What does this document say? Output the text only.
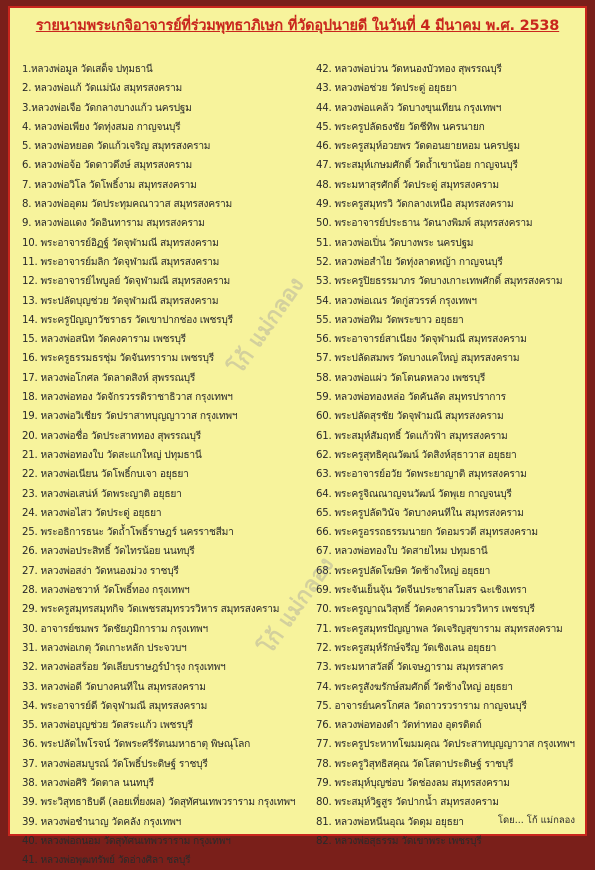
รายนามพระเกจิอาจารย์ที่ร่วมพุทธาภิเษก ที่วัดอุปนายดี ในวันที่ 4 มีนาคม พ.ศ. 2538
1.หลวงพ่อมูล วัดเสด็จ ปทุมธานี
2. หลวงพ่อแก้ วัดแม่นัง สมุทรสงคราม
3.หลวงพ่อเจือ วัดกลางบางแก้ว นครปฐม
4. หลวงพ่อเพียง วัดทุ่งสมอ กาญจนบุรี
5. หลวงพ่อหยอด วัดแก้วเจริญ สมุทรสงคราม
6. หลวงพ่อจ้อ วัดดาวดึงษ์ สมุทรสงคราม
7. หลวงพ่อวิโล วัดโพธิ์งาม สมุทรสงคราม
8. หลวงพ่ออุตม วัดประทุมคณาวาส สมุทรสงคราม
9. หลวงพ่อแดง วัดอินทาราม สมุทรสงคราม
10. พระอาจารย์อิฏฐ์ วัดจุฬามณี สมุทรสงคราม
11. พระอาจารย์มลิก วัดจุฬามณี สมุทรสงคราม
12. พระอาจารย์ไพบูลย์ วัดจุฬามณี สมุทรสงคราม
13. พระปลัดบุญช่วย วัดจุฬามณี สมุทรสงคราม
14. พระครูปัญญาวัชราธร วัดเขาปากช่อง เพชรบุรี
15. หลวงพ่อสนิท วัดคงคาราม เพชรบุรี
16. พระครูธรรมธรชุ่ม วัดจันทราราม เพชรบุรี
17. หลวงพ่อโกศล วัดลาดสิงห์ สุพรรณบุรี
18. หลวงพ่อทอง วัดจักรวรรดิราชาธิวาส กรุงเทพฯ
19. หลวงพ่อวิเชียร วัดปราสาทบุญญาวาส กรุงเทพฯ
20. หลวงพ่อชื่อ วัดประสาททอง สุพรรณบุรี
21. หลวงพ่อทองใบ วัดสะแกใหญ่ ปทุมธานี
22. หลวงพ่อเนียน วัดโพธิ์กบเจา อยุธยา
23. หลวงพ่อเสน่ห์ วัดพระญาติ อยุธยา
24. หลวงพ่อไสว วัดประดู่ อยุธยา
25. พระอธิการธนะ วัดถ้ำโพธิ์ราษฎร์ นครราชสีมา
26. หลวงพ่อประสิทธิ์ วัดไทรน้อย นนทบุรี
27. หลวงพ่อสง่า วัดหนองม่วง ราชบุรี
28. หลวงพ่อชวาห์ วัดโพธิ์ทอง กรุงเทพฯ
29. พระครูสมุทรสมุทกิจ วัดเพชรสมุทรวรวิหาร สมุทรสงคราม
30. อาจารย์ชมพร วัดชัยภูมิการาม กรุงเทพฯ
31. หลวงพ่อเกตุ วัดเกาะหลัก ประจวบฯ
32. หลวงพ่อสร้อย วัดเลียบราษฎร์บำรุง กรุงเทพฯ
33. หลวงพ่อดี วัดบางคนทีใน สมุทรสงคราม
34. พระอาจารย์ดี วัดจุฬามณี สมุทรสงคราม
35. หลวงพ่อบุญช่วย วัดสระแก้ว เพชรบุรี
36. พระปลัดไพโรจน์ วัดพระศรีรัตนมหาธาตุ พิษณุโลก
37. หลวงพ่อสมบูรณ์ วัดโพธิ์ประดิษฐ์ ราชบุรี
38. หลวงพ่อศิริ วัดตาล นนทบุรี
39. พระวิสุทธาธิบดี (ลอยเที่ยงผล) วัดสุทัศนเทพวราราม กรุงเทพฯ
39. หลวงพ่อชำนาญ วัดคลัง กรุงเทพฯ
40. หลวงพ่อถนอม วัดสุทัศนเทพวราราม กรุงเทพฯ
41. หลวงพ่อพุฒทรัพย์ วัดอ่างศิลา ชลบุรี
42. หลวงพ่อบ่วน วัดหนองบัวทอง สุพรรณบุรี
43. หลวงพ่อช่วย วัดประดู่ อยุธยา
44. หลวงพ่อแคล้ว วัดบางขุนเทียน กรุงเทพฯ
45. พระครูปลัดธงชัย วัดชีทิพ นครนายก
46. พระครูสมุห์อวยพร วัดดอนยายหอม นครปฐม
47. พระสมุห์เกษมศักดิ์ วัดถ้ำเขาน้อย กาญจนบุรี
48. พระมหาสุรศักดิ์ วัดประดู่ สมุทรสงคราม
49. พระครูสมุทรวิ วัดกลางเหนือ สมุทรสงคราม
50. พระอาจารย์ประธาน วัดนางพิมพ์ สมุทรสงคราม
51. หลวงพ่อเปิ่น วัดบางพระ นครปฐม
52. หลวงพ่อสำไย วัดทุ่งลาดหญ้า กาญจนบุรี
53. พระครูปิยธรรมาภร วัดบางเกาะเทพศักดิ์ สมุทรสงคราม
54. หลวงพ่อเณร วัดกู่สวรรค์ กรุงเทพฯ
55. หลวงพ่อทิม วัดพระขาว อยุธยา
56. พระอาจารย์สาเนียง วัดจุฬามณี สมุทรสงคราม
57. พระปลัดสมพร วัดบางแคใหญ่ สมุทรสงคราม
58. หลวงพ่อแผ่ว วัดโตนดหลวง เพชรบุรี
59. หลวงพ่อทองหล่อ วัดคันลัด สมุทรปราการ
60. พระปลัดสุรชัย วัดจุฬามณี สมุทรสงคราม
61. พระสมุห์สัมฤทธิ์ วัดแก้วฟ้า สมุทรสงคราม
62. พระครูสุทธิคุณวัฒน์ วัดสิงห์สุธาวาส อยุธยา
63. พระอาจารย์อวัย วัดพระยาญาติ สมุทรสงคราม
64. พระครูจิณณาญจนวัฒน์ วัดพุเย กาญจนบุรี
65. พระครูปลัดวินัจ วัดบางคนทีใน สมุทรสงคราม
66. พระครูอรรถธรรมนายก วัดอมรวดี สมุทรสงคราม
67. หลวงพ่อทองใบ วัดสายไหม ปทุมธานี
68. พระครูปลัดโฆษิต วัดช้างใหญ่ อยุธยา
69. พระจันเย็นจุ้น วัดจีนประชาสโมสร ฉะเชิงเทรา
70. พระครูญาณวิสุทธิ์ วัดคงคารามวรวิหาร เพชรบุรี
71. พระครูสมุทรปัญญาพล วัดเจริญสุขาราม สมุทรสงคราม
72. พระครูสมุห์รักษ์จรีญ วัดเชิงเลน อยุธยา
73. พระมหาสวัสดิ์ วัดเจษฎาราม สมุทรสาคร
74. พระครูสังฆรักษ์สมศักดิ์ วัดช้างใหญ่ อยุธยา
75. อาจารย์นครโกศล วัดถาวรวราราม กาญจนบุรี
76. หลวงพ่อทองดำ วัดท่าทอง อุตรดิตถ์
77. พระครูประหาทโฆมมคุณ วัดประสาทบุญญาวาส กรุงเทพฯ
78. พระครูวิสุทธิสคุณ วัดโสดาประดิษฐ์ ราชบุรี
79. พระสมุห์บุญช่อบ วัดช่องลม สมุทรสงคราม
80. พระสมุห์วิฐสูร วัดปากน้ำ สมุทรสงคราม
81. หลวงพ่อหนีนอุณ วัดดุม อยุธยา
82. หลวงพ่อสุธรรม วัดเขาพระ เพชรบุรี
โก้ แม่กลอง
โก้ แม่กลอง
โดย... โก้ แม่กลอง
